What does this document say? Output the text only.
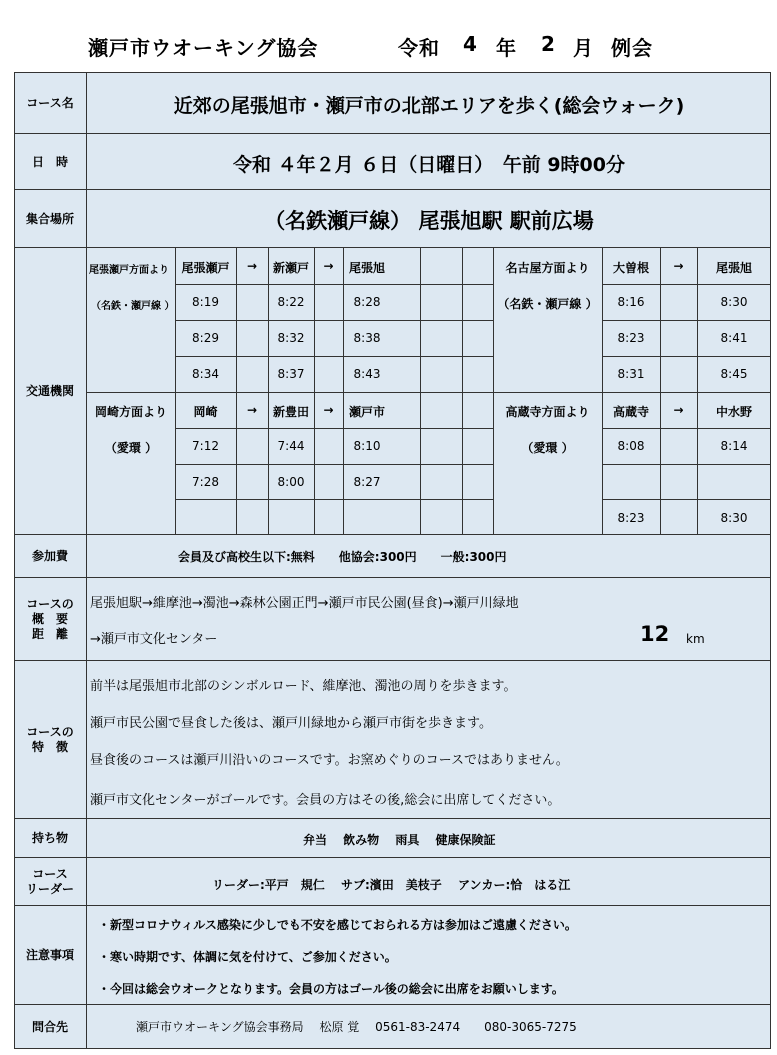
瀬戸市ウオーキング協会	令和 4 年 2 月 例会
コース名	近郊の尾張旭市・瀬戸市の北部エリアを歩く(総会ウォーク)
日　時	令和 ４年２月 ６日（日曜日）　午前 9時00分
集合場所	（名鉄瀬戸線） 尾張旭駅 駅前広場
交通機関
尾張瀬戸方面より
（名鉄・瀬戸線 ）
尾張瀬戸	→	新瀬戸	→	尾張旭
8:19	8:22	8:28
8:29	8:32	8:38
8:34	8:37	8:43
名古屋方面より
（名鉄・瀬戸線 ）
大曽根	→	尾張旭
8:16	8:30
8:23	8:41
8:31	8:45
岡崎方面より
（愛環 ）
岡崎	→	新豊田	→	瀬戸市
7:12	7:44	8:10
7:28	8:00	8:27
高蔵寺方面より
（愛環 ）
高蔵寺	→	中水野
8:08	8:14
8:23	8:30
参加費	会員及び高校生以下:無料　　他協会:300円　　一般:300円
コースの
概　要
距　離
尾張旭駅→維摩池→濁池→森林公園正門→瀬戸市民公園(昼食)→瀬戸川緑地
→瀬戸市文化センター	12 km
コースの
特　徴
前半は尾張旭市北部のシンボルロード、維摩池、濁池の周りを歩きます。
瀬戸市民公園で昼食した後は、瀬戸川緑地から瀬戸市街を歩きます。
昼食後のコースは瀬戸川沿いのコースです。お窯めぐりのコースではありません。
瀬戸市文化センターがゴールです。会員の方はその後,総会に出席してください。
持ち物	弁当　 飲み物　 雨具　 健康保険証
コース
リーダー	リーダー:平戸　規仁　 サブ:濱田　美枝子　 アンカー:恰　はる江
注意事項
・新型コロナウィルス感染に少しでも不安を感じておられる方は参加はご遠慮ください。
・寒い時期です、体調に気を付けて、ご参加ください。
・今回は総会ウオークとなります。会員の方はゴール後の総会に出席をお願いします。
問合先	瀬戸市ウオーキング協会事務局　 松原 覚　 0561-83-2474　　080-3065-7275
